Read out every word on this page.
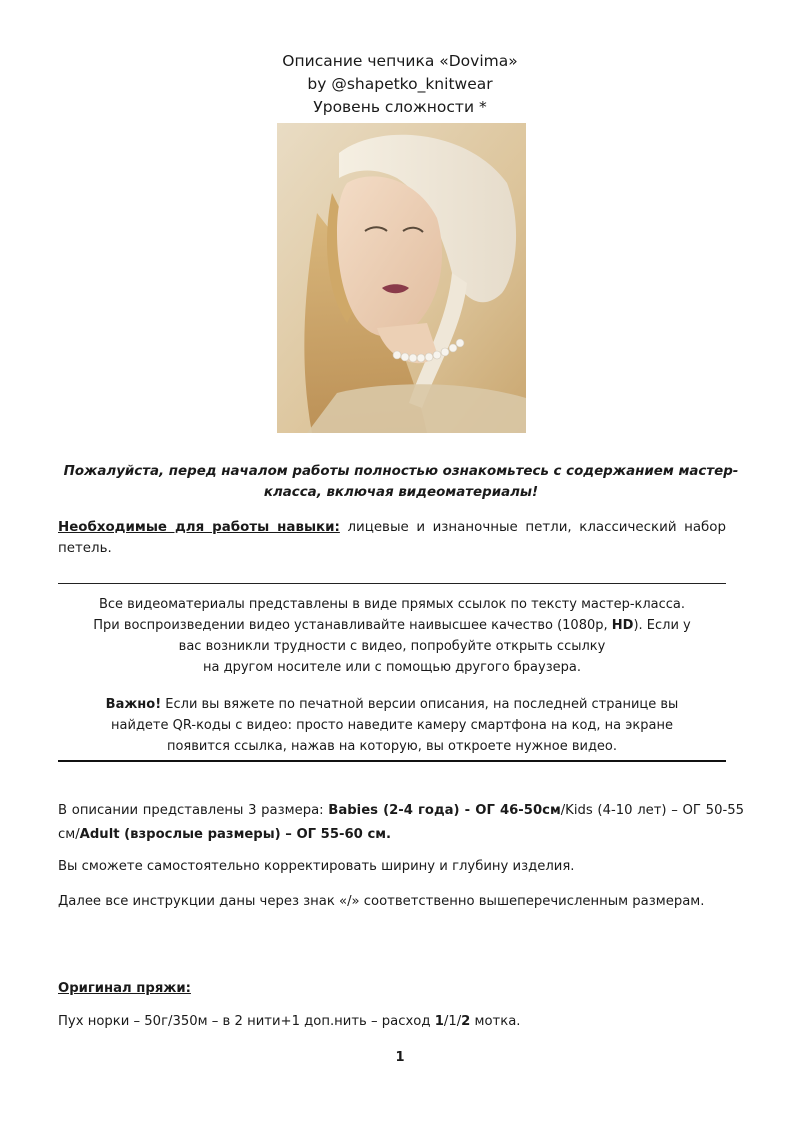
Описание чепчика «Dovima»
by @shapetko_knitwear
Уровень сложности *
Пожалуйста, перед началом работы полностью ознакомьтесь с содержанием мастер-класса, включая видеоматериалы!
Необходимые для работы навыки: лицевые и изнаночные петли, классический набор петель.
Все видеоматериалы представлены в виде прямых ссылок по тексту мастер-класса.
При воспроизведении видео устанавливайте наивысшее качество (1080р, HD). Если у
вас возникли трудности с видео, попробуйте открыть ссылку
на другом носителе или с помощью другого браузера.
Важно! Если вы вяжете по печатной версии описания, на последней странице вы
найдете QR-коды с видео: просто наведите камеру смартфона на код, на экране
появится ссылка, нажав на которую, вы откроете нужное видео.
В описании представлены 3 размера: Babies (2-4 года) - ОГ 46-50см/Kids (4-10 лет) – ОГ 50-55 см/Adult (взрослые размеры) – ОГ 55-60 см.
Вы сможете самостоятельно корректировать ширину и глубину изделия.
Далее все инструкции даны через знак «/» соответственно вышеперечисленным размерам.
Оригинал пряжи:
Пух норки – 50г/350м – в 2 нити+1 доп.нить – расход 1/1/2 мотка.
1
